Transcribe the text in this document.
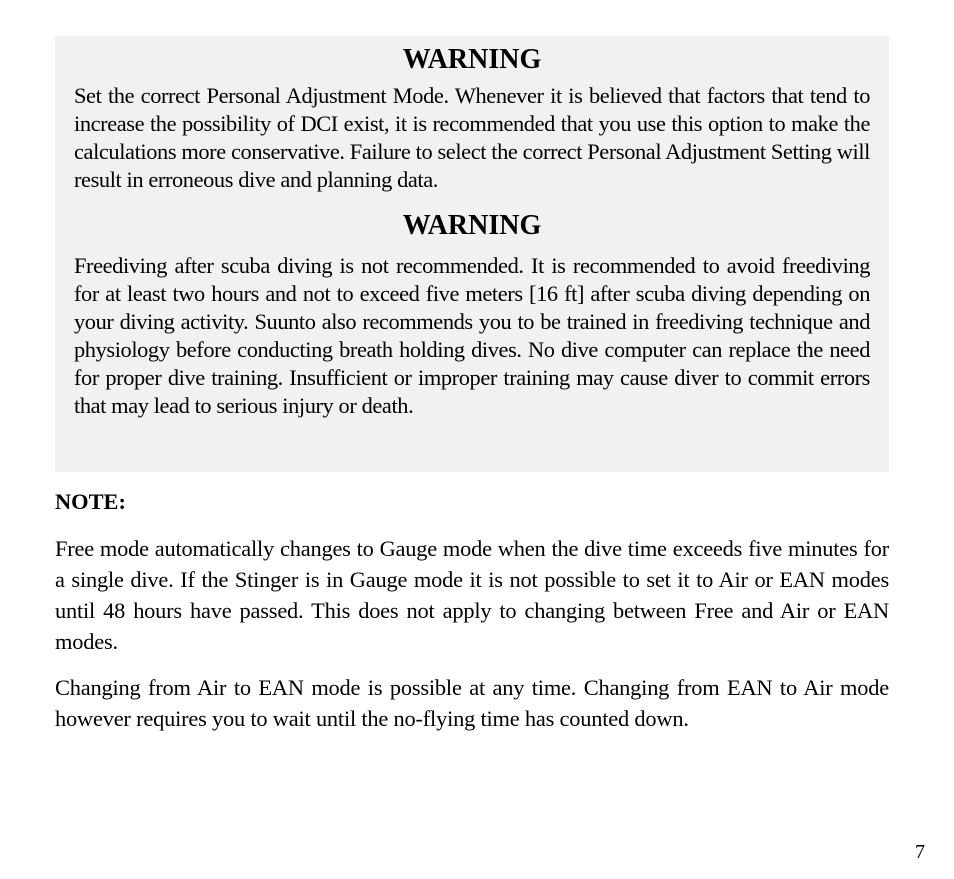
WARNING

Set the correct Personal Adjustment Mode. Whenever it is believed that factors that tend to increase the possibility of DCI exist, it is recommended that you use this option to make the calculations more conservative. Failure to select the correct Personal Adjustment Setting will result in erroneous dive and planning data.

WARNING

Freediving after scuba diving is not recommended. It is recommended to avoid freediving for at least two hours and not to exceed five meters [16 ft] after scuba diving depending on your diving activity. Suunto also recommends you to be trained in freediving technique and physiology before conducting breath holding dives. No dive computer can replace the need for proper dive training. Insufficient or improper training may cause diver to commit errors that may lead to serious injury or death.

NOTE:

Free mode automatically changes to Gauge mode when the dive time exceeds five minutes for a single dive. If the Stinger is in Gauge mode it is not possible to set it to Air or EAN modes until 48 hours have passed. This does not apply to changing between Free and Air or EAN modes.

Changing from Air to EAN mode is possible at any time. Changing from EAN to Air mode however requires you to wait until the no-flying time has counted down.

7
